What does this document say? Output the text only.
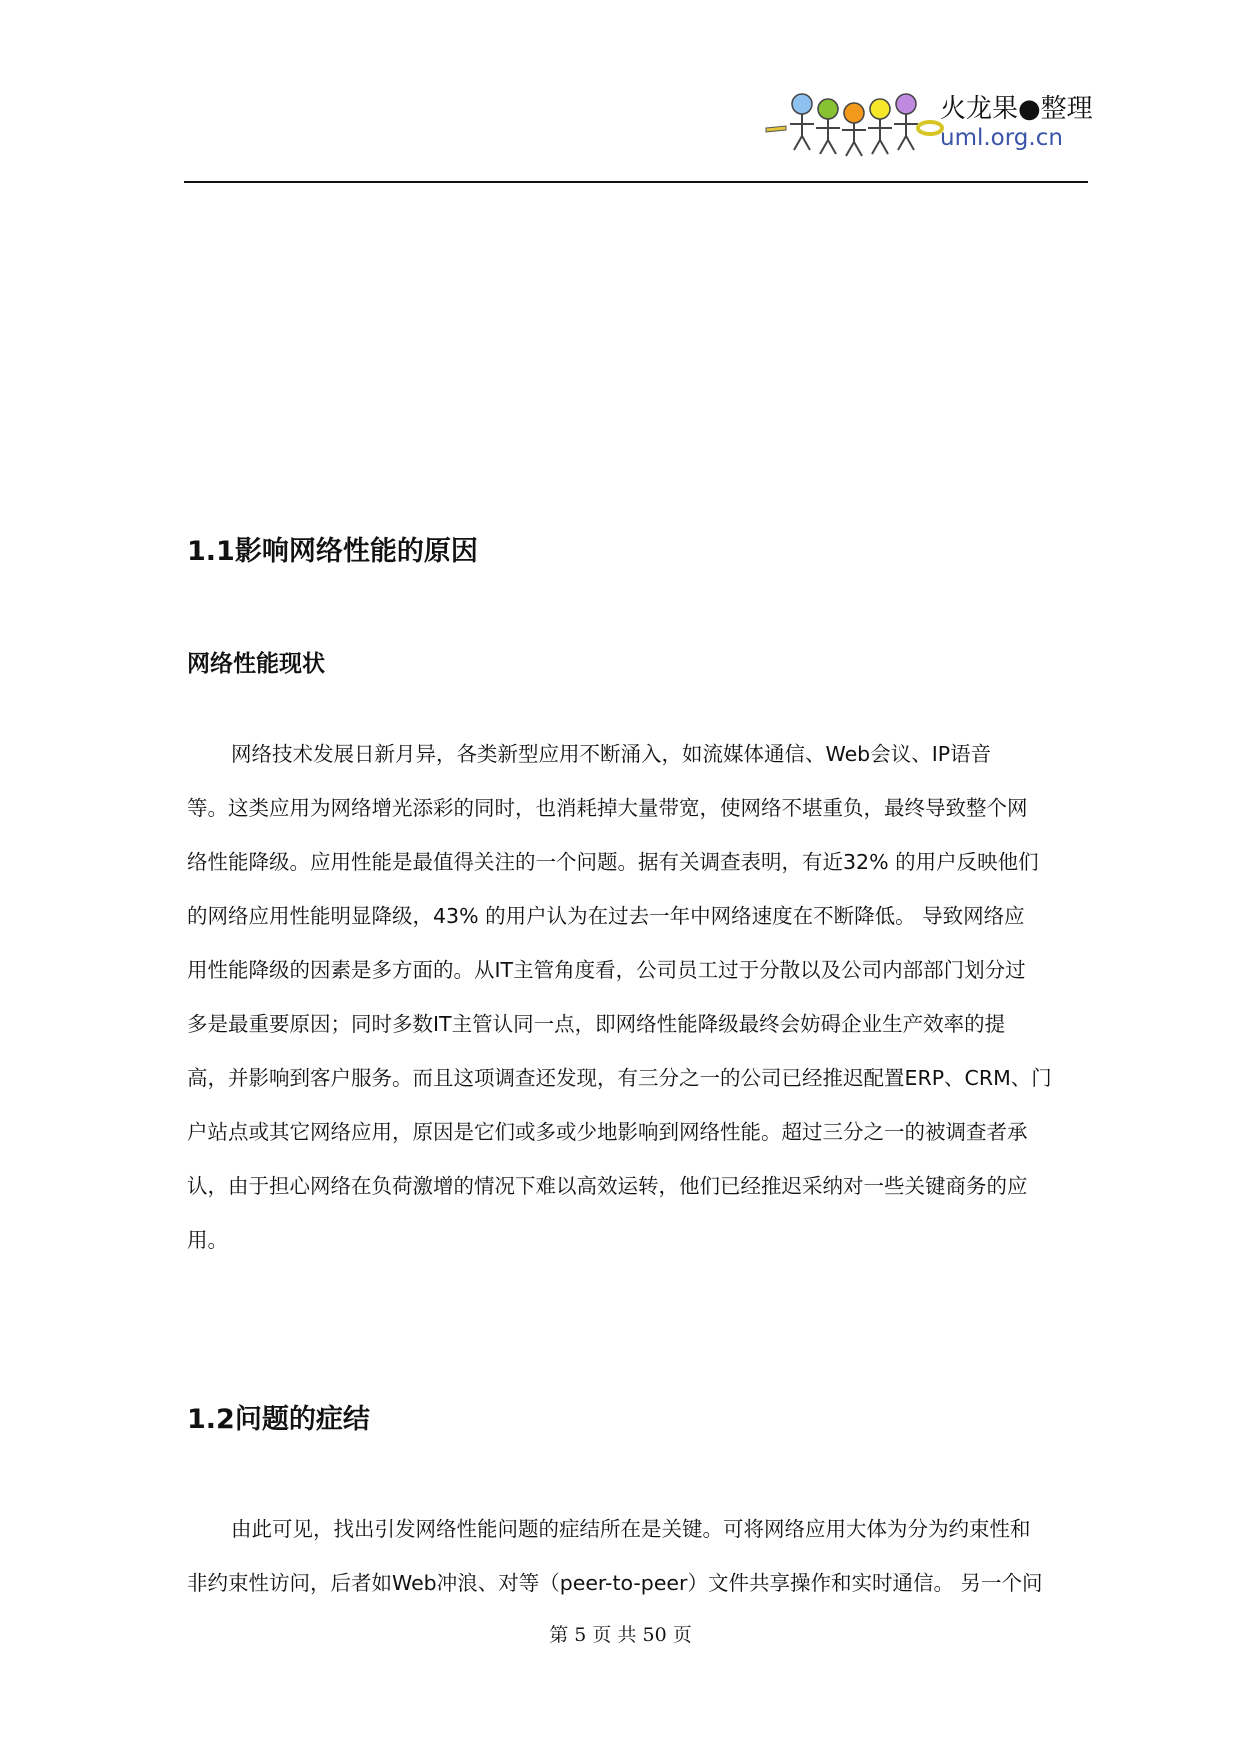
火龙果●整理
uml.org.cn
1.1影响网络性能的原因
网络性能现状
网络技术发展日新月异，各类新型应用不断涌入，如流媒体通信、Web会议、IP语音
等。这类应用为网络增光添彩的同时，也消耗掉大量带宽，使网络不堪重负，最终导致整个网
络性能降级。应用性能是最值得关注的一个问题。据有关调查表明，有近32% 的用户反映他们
的网络应用性能明显降级，43% 的用户认为在过去一年中网络速度在不断降低。 导致网络应
用性能降级的因素是多方面的。从IT主管角度看，公司员工过于分散以及公司内部部门划分过
多是最重要原因；同时多数IT主管认同一点，即网络性能降级最终会妨碍企业生产效率的提
高，并影响到客户服务。而且这项调查还发现，有三分之一的公司已经推迟配置ERP、CRM、门
户站点或其它网络应用，原因是它们或多或少地影响到网络性能。超过三分之一的被调查者承
认，由于担心网络在负荷激增的情况下难以高效运转，他们已经推迟采纳对一些关键商务的应
用。
1.2问题的症结
由此可见，找出引发网络性能问题的症结所在是关键。可将网络应用大体为分为约束性和
非约束性访问，后者如Web冲浪、对等（peer-to-peer）文件共享操作和实时通信。 另一个问
第 5 页 共 50 页
